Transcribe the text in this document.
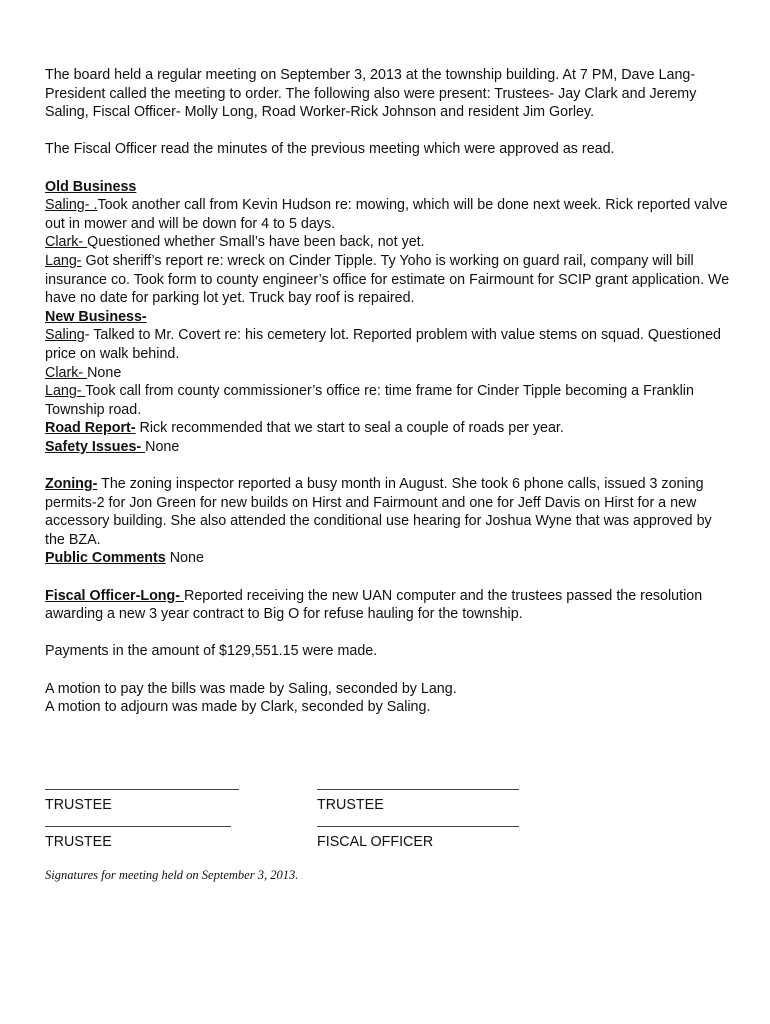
The board held a regular meeting on September 3, 2013 at the township building. At 7 PM, Dave Lang-President called the meeting to order. The following also were present: Trustees- Jay Clark and Jeremy Saling, Fiscal Officer- Molly Long, Road Worker-Rick Johnson and resident Jim Gorley.

The Fiscal Officer read the minutes of the previous meeting which were approved as read.

Old Business

Saling- .Took another call from Kevin Hudson re: mowing, which will be done next week. Rick reported valve out in mower and will be down for 4 to 5 days.

Clark- Questioned whether Small’s have been back, not yet.

Lang- Got sheriff’s report re: wreck on Cinder Tipple. Ty Yoho is working on guard rail, company will bill insurance co. Took form to county engineer’s office for estimate on Fairmount for SCIP grant application. We have no date for parking lot yet. Truck bay roof is repaired.

New Business-

Saling- Talked to Mr. Covert re: his cemetery lot. Reported problem with value stems on squad. Questioned price on walk behind.

Clark- None

Lang- Took call from county commissioner’s office re: time frame for Cinder Tipple becoming a Franklin Township road.

Road Report- Rick recommended that we start to seal a couple of roads per year.

Safety Issues- None

Zoning- The zoning inspector reported a busy month in August. She took 6 phone calls, issued 3 zoning permits-2 for Jon Green for new builds on Hirst and Fairmount and one for Jeff Davis on Hirst for a new accessory building. She also attended the conditional use hearing for Joshua Wyne that was approved by the BZA.

Public Comments None

Fiscal Officer-Long- Reported receiving the new UAN computer and the trustees passed the resolution awarding a new 3 year contract to Big O for refuse hauling for the township.

Payments in the amount of $129,551.15 were made.

A motion to pay the bills was made by Saling, seconded by Lang.

A motion to adjourn was made by Clark, seconded by Saling.

TRUSTEE	TRUSTEE
TRUSTEE	FISCAL OFFICER
Signatures for meeting held on September 3, 2013.
